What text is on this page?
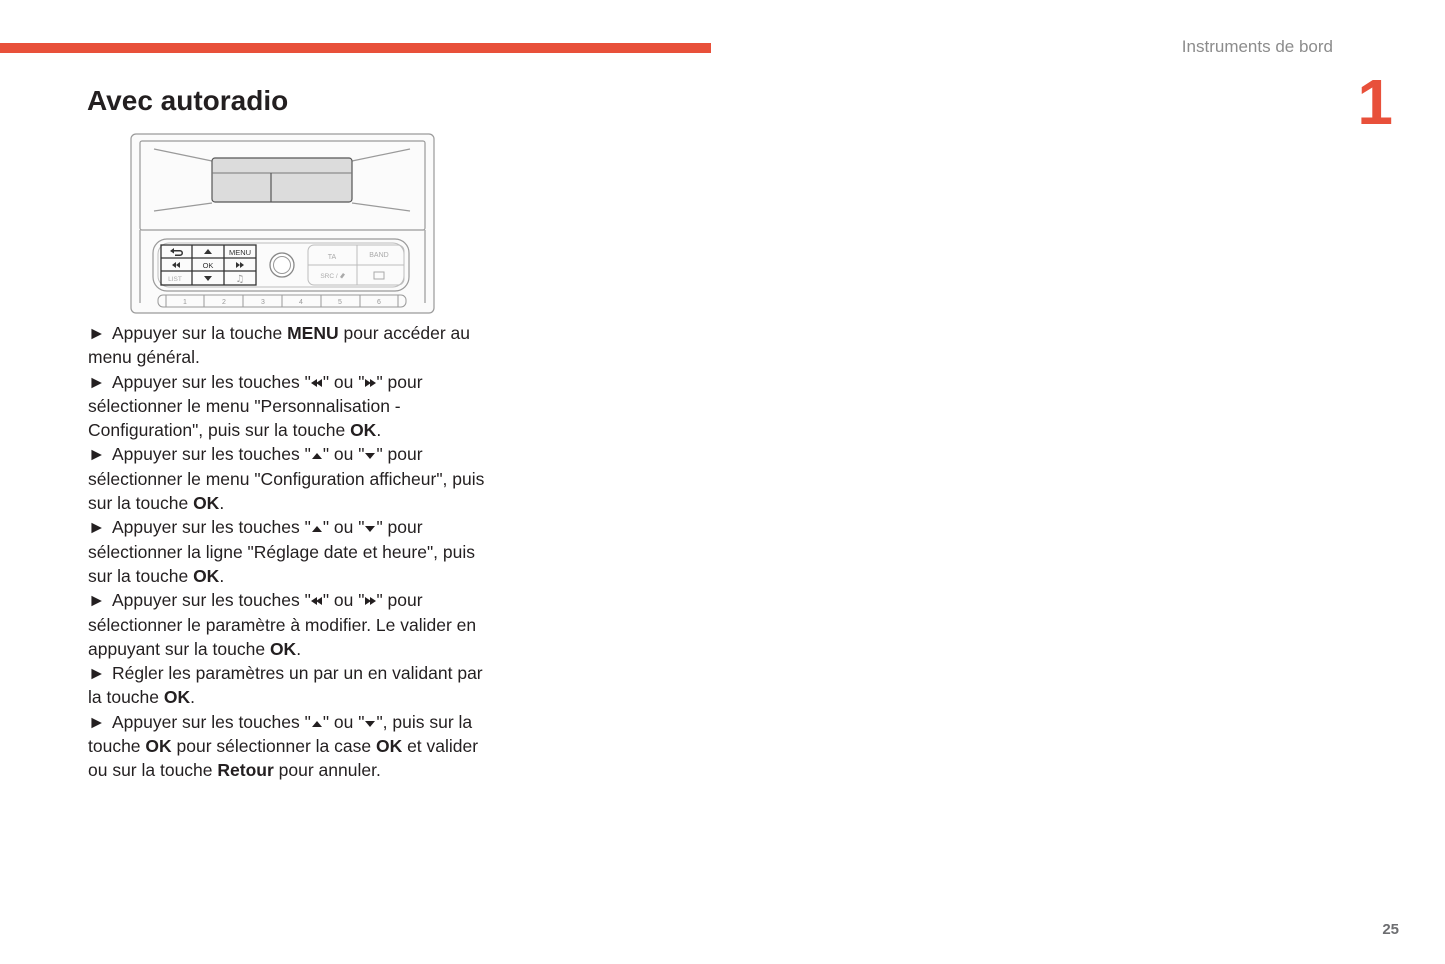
Instruments de bord
1
Avec autoradio
MENU
OK
LIST	♫
TA	BAND
SRC /
1	2	3	4	5	6

► Appuyer sur la touche MENU pour accéder au menu général.

► Appuyer sur les touches " " ou " " pour sélectionner le menu "Personnalisation - Configuration", puis sur la touche OK.

► Appuyer sur les touches " " ou " " pour sélectionner le menu "Configuration afficheur", puis sur la touche OK.

► Appuyer sur les touches " " ou " " pour sélectionner la ligne "Réglage date et heure", puis sur la touche OK.

► Appuyer sur les touches " " ou " " pour sélectionner le paramètre à modifier. Le valider en appuyant sur la touche OK.

► Régler les paramètres un par un en validant par la touche OK.

► Appuyer sur les touches " " ou " ", puis sur la touche OK pour sélectionner la case OK et valider ou sur la touche Retour pour annuler.

25
